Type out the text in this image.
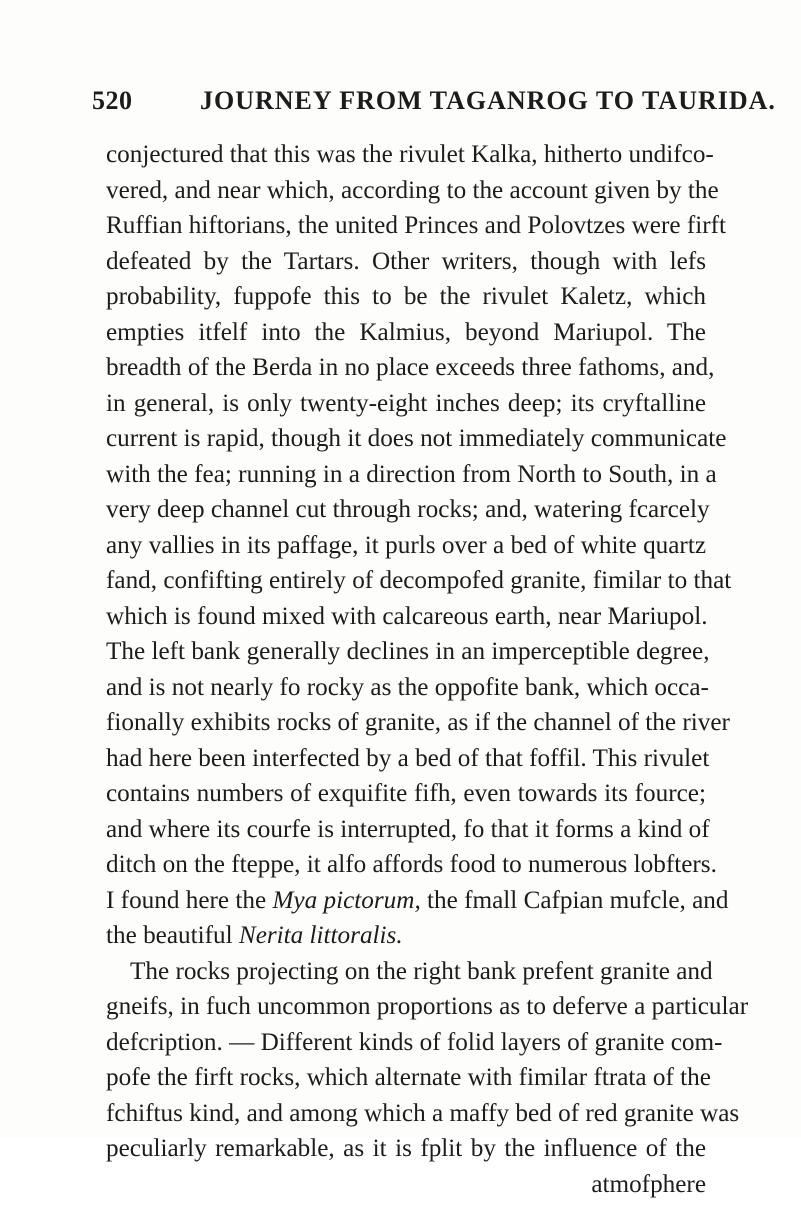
520	JOURNEY FROM TAGANROG TO TAURIDA.
conjectured that this was the rivulet Kalka, hitherto undifco-
vered, and near which, according to the account given by the
Ruffian hiftorians, the united Princes and Polovtzes were firft
defeated by the Tartars. Other writers, though with lefs
probability, fuppofe this to be the rivulet Kaletz, which
empties itfelf into the Kalmius, beyond Mariupol. The
breadth of the Berda in no place exceeds three fathoms, and,
in general, is only twenty-eight inches deep; its cryftalline
current is rapid, though it does not immediately communicate
with the fea; running in a direction from North to South, in a
very deep channel cut through rocks; and, watering fcarcely
any vallies in its paffage, it purls over a bed of white quartz
fand, confifting entirely of decompofed granite, fimilar to that
which is found mixed with calcareous earth, near Mariupol.
The left bank generally declines in an imperceptible degree,
and is not nearly fo rocky as the oppofite bank, which occa-
fionally exhibits rocks of granite, as if the channel of the river
had here been interfected by a bed of that foffil. This rivulet
contains numbers of exquifite fifh, even towards its fource;
and where its courfe is interrupted, fo that it forms a kind of
ditch on the fteppe, it alfo affords food to numerous lobfters.
I found here the Mya pictorum, the fmall Cafpian mufcle, and
the beautiful Nerita littoralis.
The rocks projecting on the right bank prefent granite and
gneifs, in fuch uncommon proportions as to deferve a particular
defcription. — Different kinds of folid layers of granite com-
pofe the firft rocks, which alternate with fimilar ftrata of the
fchiftus kind, and among which a maffy bed of red granite was
peculiarly remarkable, as it is fplit by the influence of the
atmofphere
